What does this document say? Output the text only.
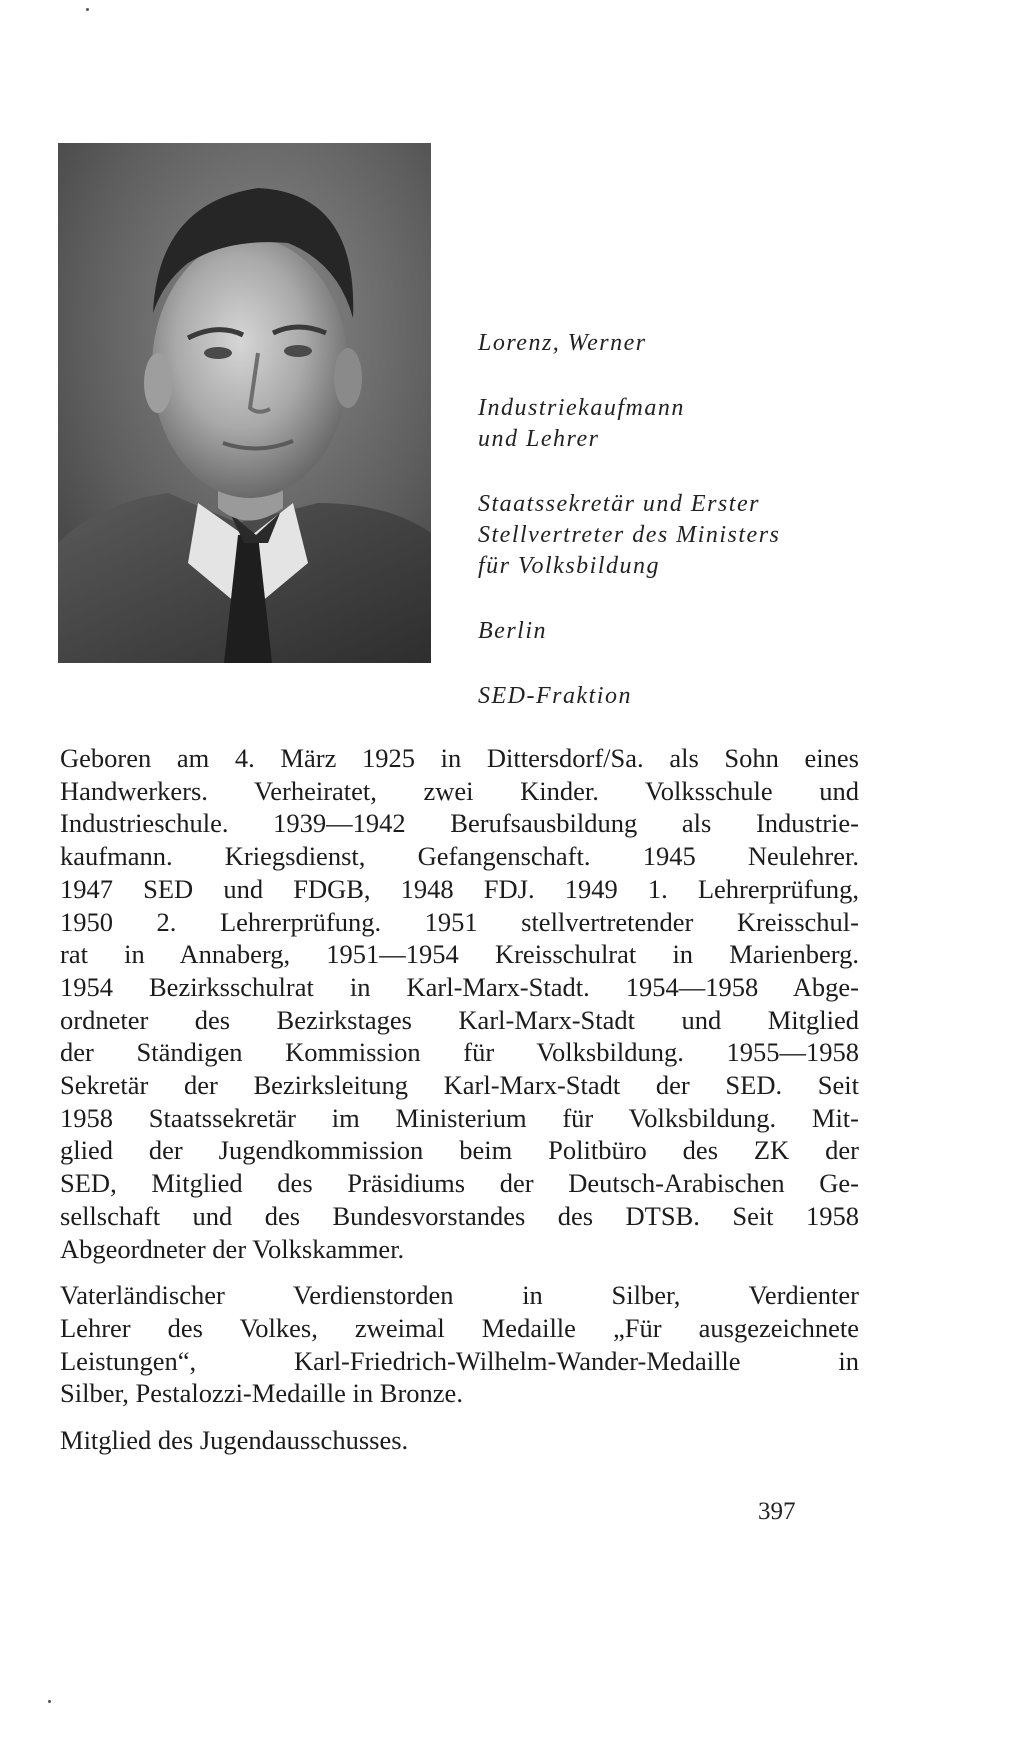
Lorenz, Werner
Industriekaufmann
und Lehrer
Staatssekretär und Erster
Stellvertreter des Ministers
für Volksbildung
Berlin
SED-Fraktion
Geboren am 4. März 1925 in Dittersdorf/Sa. als Sohn eines
Handwerkers. Verheiratet, zwei Kinder. Volksschule und
Industrieschule. 1939—1942 Berufsausbildung als Industrie-
kaufmann. Kriegsdienst, Gefangenschaft. 1945 Neulehrer.
1947 SED und FDGB, 1948 FDJ. 1949 1. Lehrerprüfung,
1950 2. Lehrerprüfung. 1951 stellvertretender Kreisschul-
rat in Annaberg, 1951—1954 Kreisschulrat in Marienberg.
1954 Bezirksschulrat in Karl-Marx-Stadt. 1954—1958 Abge-
ordneter des Bezirkstages Karl-Marx-Stadt und Mitglied
der Ständigen Kommission für Volksbildung. 1955—1958
Sekretär der Bezirksleitung Karl-Marx-Stadt der SED. Seit
1958 Staatssekretär im Ministerium für Volksbildung. Mit-
glied der Jugendkommission beim Politbüro des ZK der
SED, Mitglied des Präsidiums der Deutsch-Arabischen Ge-
sellschaft und des Bundesvorstandes des DTSB. Seit 1958
Abgeordneter der Volkskammer.
Vaterländischer Verdienstorden in Silber, Verdienter
Lehrer des Volkes, zweimal Medaille „Für ausgezeichnete
Leistungen“, Karl-Friedrich-Wilhelm-Wander-Medaille in
Silber, Pestalozzi-Medaille in Bronze.
Mitglied des Jugendausschusses.
397
